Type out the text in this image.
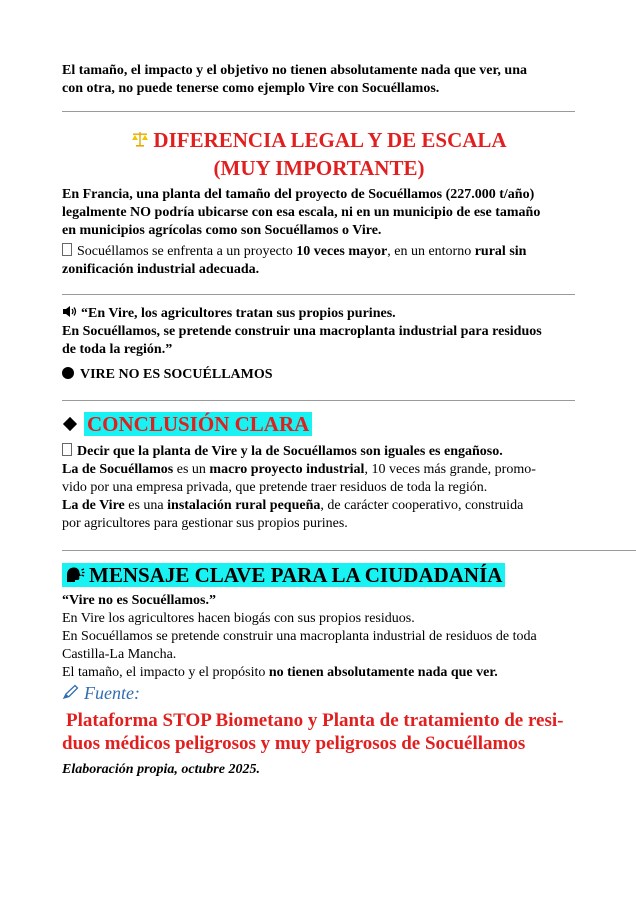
El tamaño, el impacto y el objetivo no tienen absolutamente nada que ver, una
con otra, no puede tenerse como ejemplo Vire con Socuéllamos.
DIFERENCIA LEGAL Y DE ESCALA
(MUY IMPORTANTE)
En Francia, una planta del tamaño del proyecto de Socuéllamos (227.000 t/año)
legalmente NO podría ubicarse con esa escala, ni en un municipio de ese tamaño
en municipios agrícolas como son Socuéllamos o Vire.
Socuéllamos se enfrenta a un proyecto 10 veces mayor, en un entorno rural sin
zonificación industrial adecuada.
“En Vire, los agricultores tratan sus propios purines.
En Socuéllamos, se pretende construir una macroplanta industrial para residuos
de toda la región.”
VIRE NO ES SOCUÉLLAMOS
CONCLUSIÓN CLARA
Decir que la planta de Vire y la de Socuéllamos son iguales es engañoso.
La de Socuéllamos es un macro proyecto industrial, 10 veces más grande, promo-
vido por una empresa privada, que pretende traer residuos de toda la región.
La de Vire es una instalación rural pequeña, de carácter cooperativo, construida
por agricultores para gestionar sus propios purines.
MENSAJE CLAVE PARA LA CIUDADANÍA
“Vire no es Socuéllamos.”
En Vire los agricultores hacen biogás con sus propios residuos.
En Socuéllamos se pretende construir una macroplanta industrial de residuos de toda
Castilla-La Mancha.
El tamaño, el impacto y el propósito no tienen absolutamente nada que ver.
Fuente:
Plataforma STOP Biometano y Planta de tratamiento de resi-
duos médicos peligrosos y muy peligrosos de Socuéllamos
Elaboración propia, octubre 2025.
